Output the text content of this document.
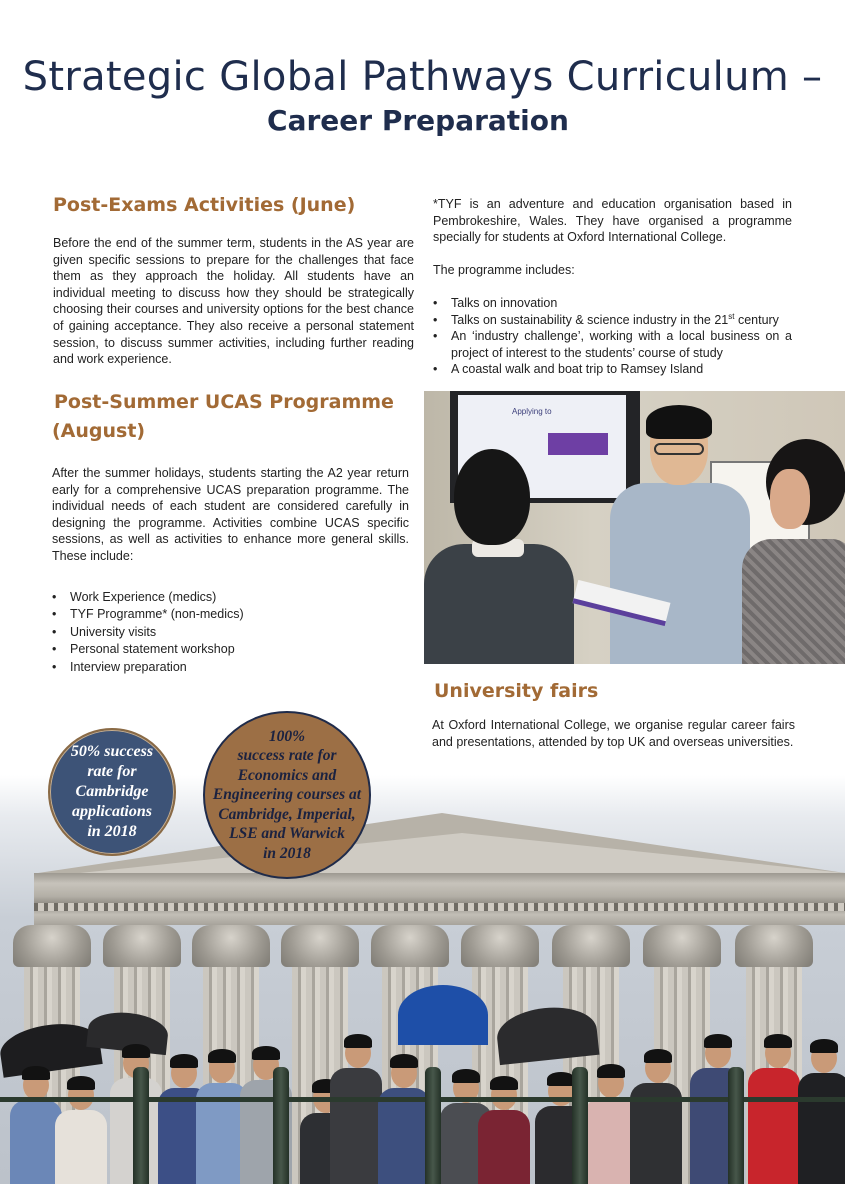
Strategic Global Pathways Curriculum –
Career Preparation
Post-Exams Activities (June)

Before the end of the summer term, students in the AS year are given specific sessions to prepare for the challenges that face them as they approach the holiday. All students have an individual meeting to discuss how they should be strategically choosing their courses and university options for the best chance of gaining acceptance. They also receive a personal statement session, to discuss summer activities, including further reading and work experience.

Post-Summer UCAS Programme
(August)

After the summer holidays, students starting the A2 year return early for a comprehensive UCAS preparation programme. The individual needs of each student are considered carefully in designing the programme. Activities combine UCAS specific sessions, as well as activities to enhance more general skills. These include:

• Work Experience (medics)
• TYF Programme* (non-medics)
• University visits
• Personal statement workshop
• Interview preparation

*TYF is an adventure and education organisation based in Pembrokeshire, Wales. They have organised a programme specially for students at Oxford International College.

The programme includes:

• Talks on innovation
• Talks on sustainability & science industry in the 21st century
• An ‘industry challenge’, working with a local business on a project of interest to the students’ course of study
• A coastal walk and boat trip to Ramsey Island
Applying to
University fairs

At Oxford International College, we organise regular career fairs and presentations, attended by top UK and overseas universities.

50% success
rate for
Cambridge
applications
in 2018
100%
success rate for
Economics and
Engineering courses at
Cambridge, Imperial,
LSE and Warwick
in 2018
